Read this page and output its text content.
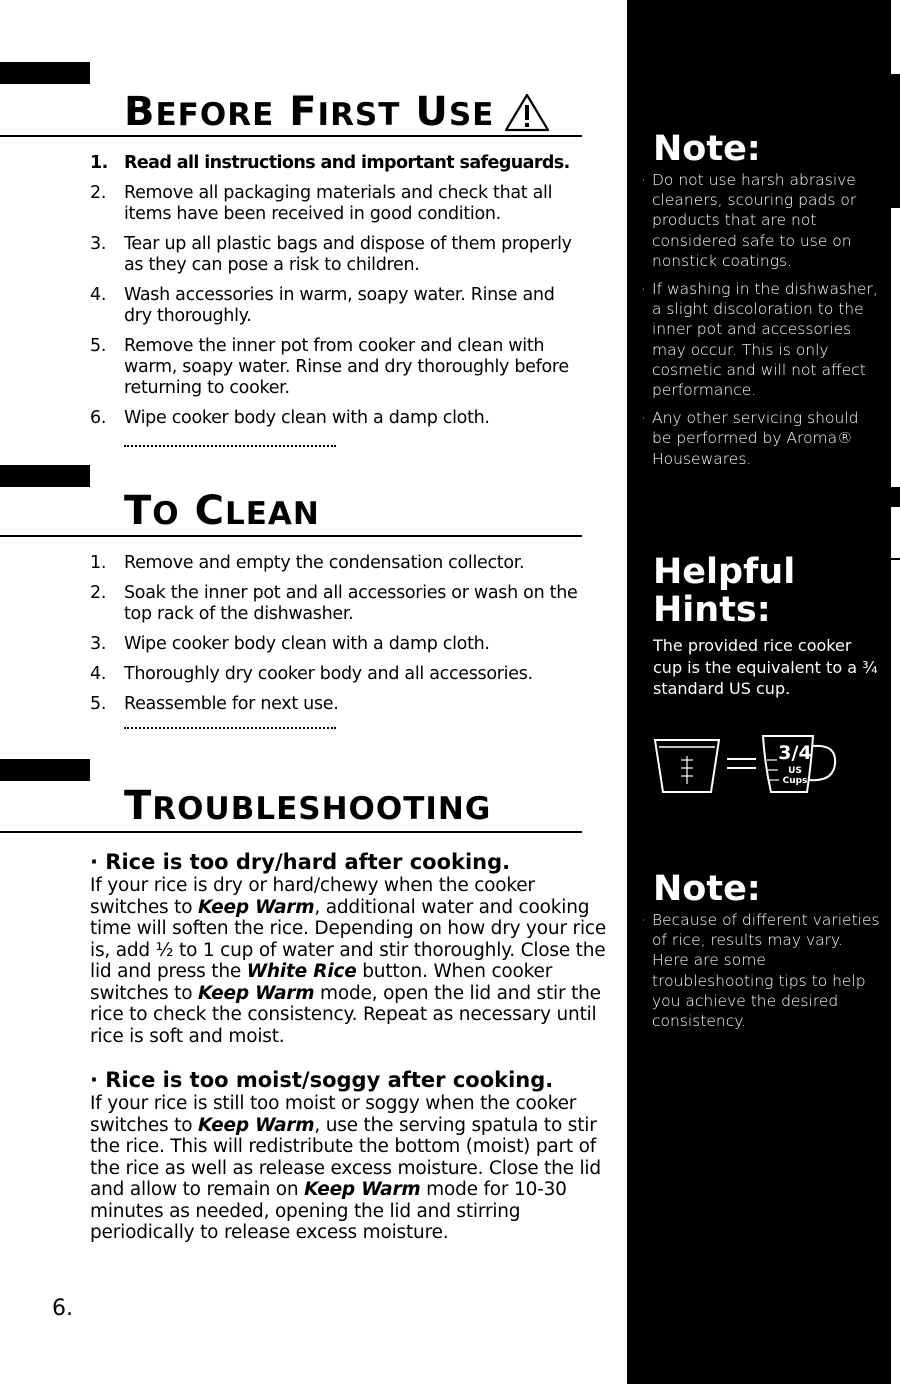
BEFORE FIRST USE
1. Read all instructions and important safeguards.
2. Remove all packaging materials and check that all items have been received in good condition.
3. Tear up all plastic bags and dispose of them properly as they can pose a risk to children.
4. Wash accessories in warm, soapy water. Rinse and dry thoroughly.
5. Remove the inner pot from cooker and clean with warm, soapy water. Rinse and dry thoroughly before returning to cooker.
6. Wipe cooker body clean with a damp cloth.
TO CLEAN
1. Remove and empty the condensation collector.
2. Soak the inner pot and all accessories or wash on the top rack of the dishwasher.
3. Wipe cooker body clean with a damp cloth.
4. Thoroughly dry cooker body and all accessories.
5. Reassemble for next use.
TROUBLESHOOTING
· Rice is too dry/hard after cooking.

If your rice is dry or hard/chewy when the cooker switches to Keep Warm, additional water and cooking time will soften the rice. Depending on how dry your rice is, add ½ to 1 cup of water and stir thoroughly. Close the lid and press the White Rice button. When cooker switches to Keep Warm mode, open the lid and stir the rice to check the consistency. Repeat as necessary until rice is soft and moist.

· Rice is too moist/soggy after cooking.

If your rice is still too moist or soggy when the cooker switches to Keep Warm, use the serving spatula to stir the rice. This will redistribute the bottom (moist) part of the rice as well as release excess moisture. Close the lid and allow to remain on Keep Warm mode for 10-30 minutes as needed, opening the lid and stirring periodically to release excess moisture.

6.
Note:
· Do not use harsh abrasive cleaners, scouring pads or products that are not considered safe to use on nonstick coatings.
· If washing in the dishwasher, a slight discoloration to the inner pot and accessories may occur. This is only cosmetic and will not affect performance.
· Any other servicing should be performed by Aroma® Housewares.
Helpful
Hints:

The provided rice cooker cup is the equivalent to a ¾ standard US cup.

3/4
US
Cups
Note:
· Because of different varieties of rice, results may vary. Here are some troubleshooting tips to help you achieve the desired consistency.
